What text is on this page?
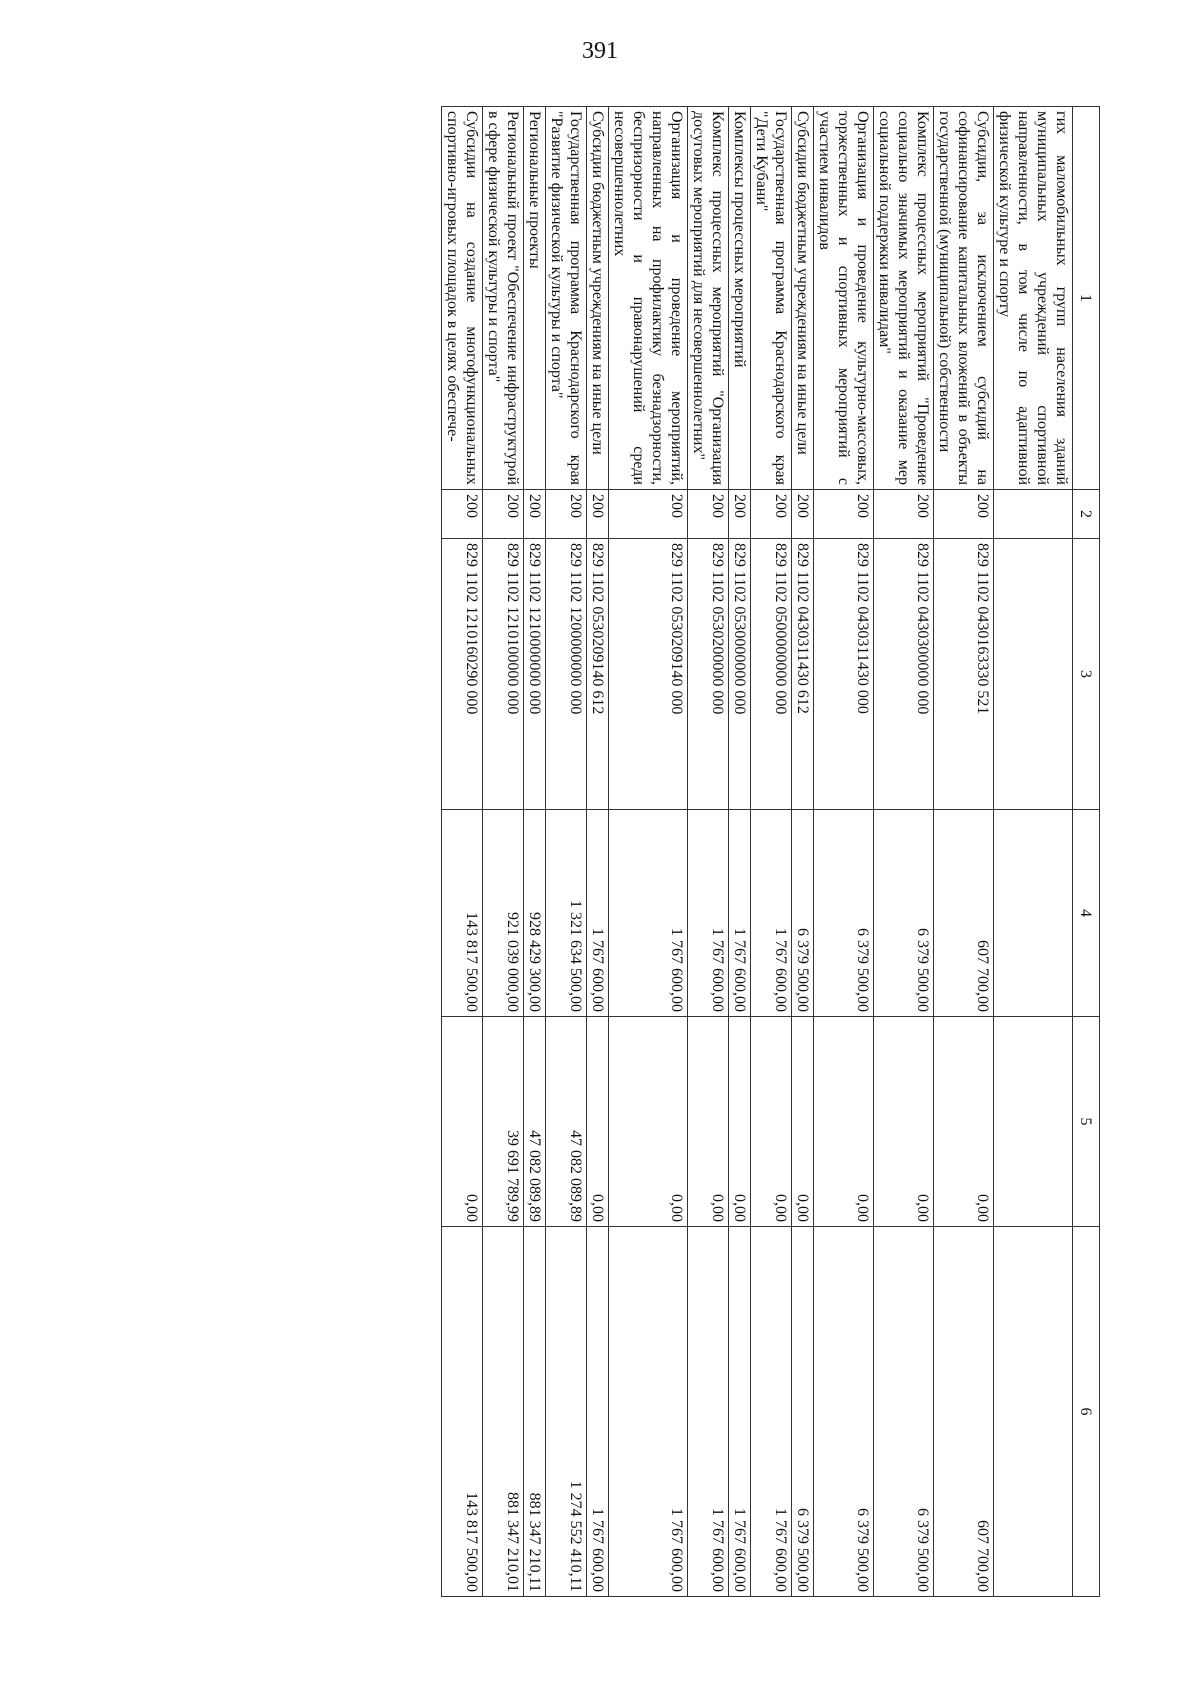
391
1	2	3	4	5	6
гих маломобильных групп населения зданий муниципальных учреждений спортивной направленности, в том числе по адаптивной физической культуре и спорту					
Субсидии, за исключением субсидий на софинансирование капитальных вложений в объекты государственной (муниципальной) собственности	200	829 1102 0430163330 521	607 700,00	0,00	607 700,00
Комплекс процессных мероприятий "Проведение социально значимых мероприятий и оказание мер социальной поддержки инвалидам"	200	829 1102 0430300000 000	6 379 500,00	0,00	6 379 500,00
Организация и проведение культурно-массовых, торжественных и спортивных мероприятий с участием инвалидов	200	829 1102 0430311430 000	6 379 500,00	0,00	6 379 500,00
Субсидии бюджетным учреждениям на иные цели	200	829 1102 0430311430 612	6 379 500,00	0,00	6 379 500,00
Государственная программа Краснодарского края "Дети Кубани"	200	829 1102 0500000000 000	1 767 600,00	0,00	1 767 600,00
Комплексы процессных мероприятий	200	829 1102 0530000000 000	1 767 600,00	0,00	1 767 600,00
Комплекс процессных мероприятий "Организация досуговых мероприятий для несовершеннолетних"	200	829 1102 0530200000 000	1 767 600,00	0,00	1 767 600,00
Организация и проведение мероприятий, направленных на профилактику безнадзорности, беспризорности и правонарушений среди несовершеннолетних	200	829 1102 0530209140 000	1 767 600,00	0,00	1 767 600,00
Субсидии бюджетным учреждениям на иные цели	200	829 1102 0530209140 612	1 767 600,00	0,00	1 767 600,00
Государственная программа Краснодарского края "Развитие физической культуры и спорта"	200	829 1102 1200000000 000	1 321 634 500,00	47 082 089,89	1 274 552 410,11
Региональные проекты	200	829 1102 1210000000 000	928 429 300,00	47 082 089,89	881 347 210,11
Региональный проект "Обеспечение инфраструктурой в сфере физической культуры и спорта"	200	829 1102 1210100000 000	921 039 000,00	39 691 789,99	881 347 210,01
Субсидии на создание многофункциональных спортивно-игровых площадок в целях обеспече-	200	829 1102 1210160290 000	143 817 500,00	0,00	143 817 500,00
